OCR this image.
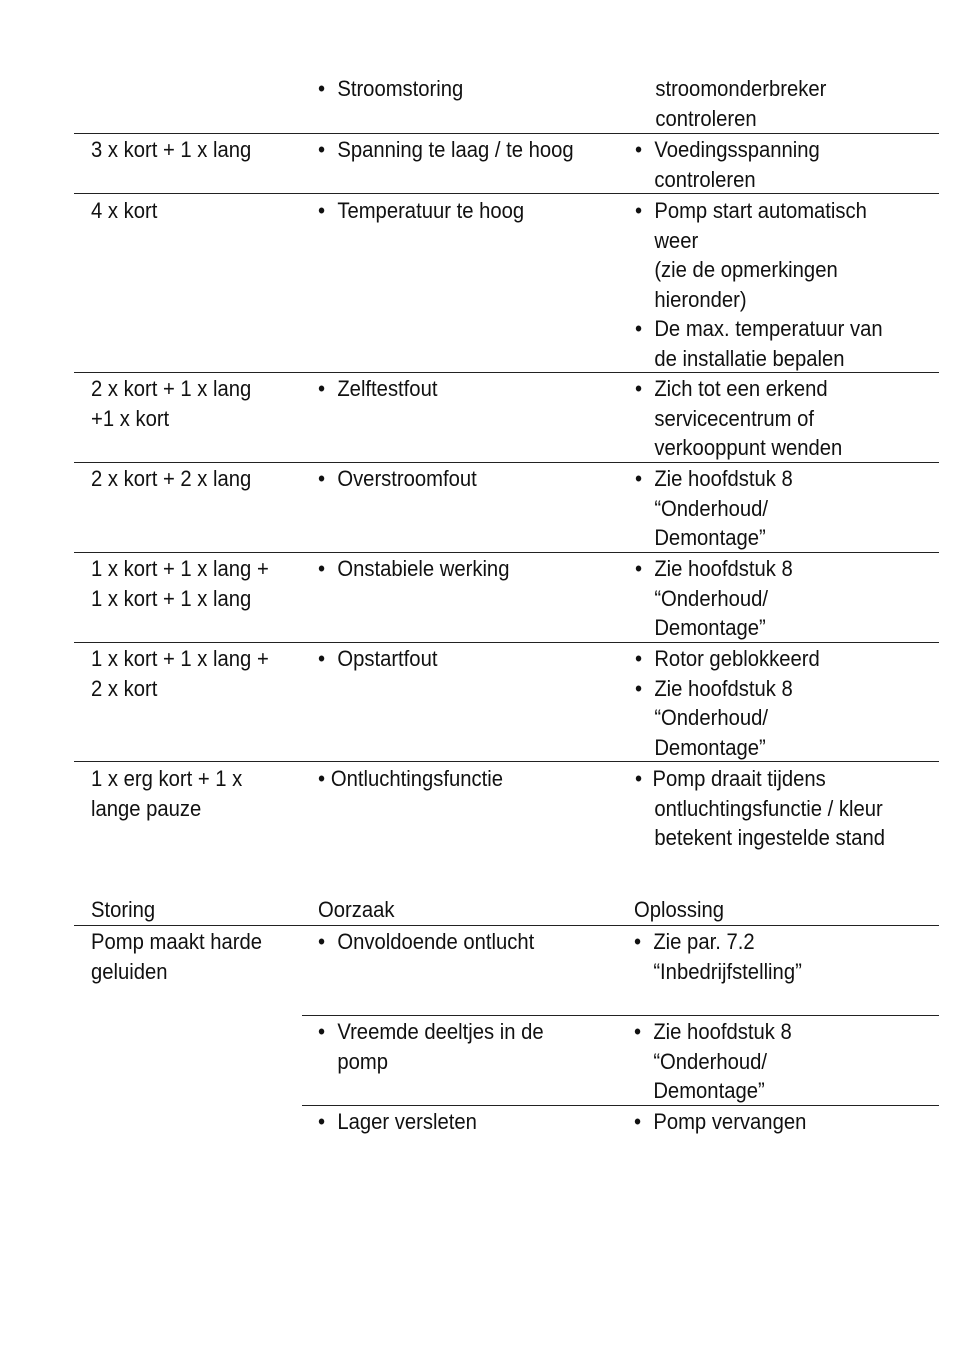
• Stroomstoring	stroomonderbreker
controleren
3 x kort + 1 x lang	• Spanning te laag / te hoog	• Voedingsspanning
controleren
4 x kort	• Temperatuur te hoog	• Pomp start automatisch
weer
(zie de opmerkingen
hieronder)
• De max. temperatuur van
de installatie bepalen
2 x kort + 1 x lang
+1 x kort
• Zelftestfout	• Zich tot een erkend
servicecentrum of
verkooppunt wenden
2 x kort + 2 x lang	• Overstroomfout	• Zie hoofdstuk 8
“Onderhoud/
Demontage”
1 x kort + 1 x lang +
1 x kort + 1 x lang
• Onstabiele werking	• Zie hoofdstuk 8
“Onderhoud/
Demontage”
1 x kort + 1 x lang +
2 x kort
• Opstartfout	• Rotor geblokkeerd
• Zie hoofdstuk 8
“Onderhoud/
Demontage”
1 x erg kort + 1 x
lange pauze
• Ontluchtingsfunctie	• Pomp draait tijdens
ontluchtingsfunctie / kleur
betekent ingestelde stand
Storing	Oorzaak	Oplossing
Pomp maakt harde
geluiden
• Onvoldoende ontlucht	• Zie par. 7.2
“Inbedrijfstelling”
• Vreemde deeltjes in de
pomp
• Zie hoofdstuk 8
“Onderhoud/
Demontage”
• Lager versleten	• Pomp vervangen
